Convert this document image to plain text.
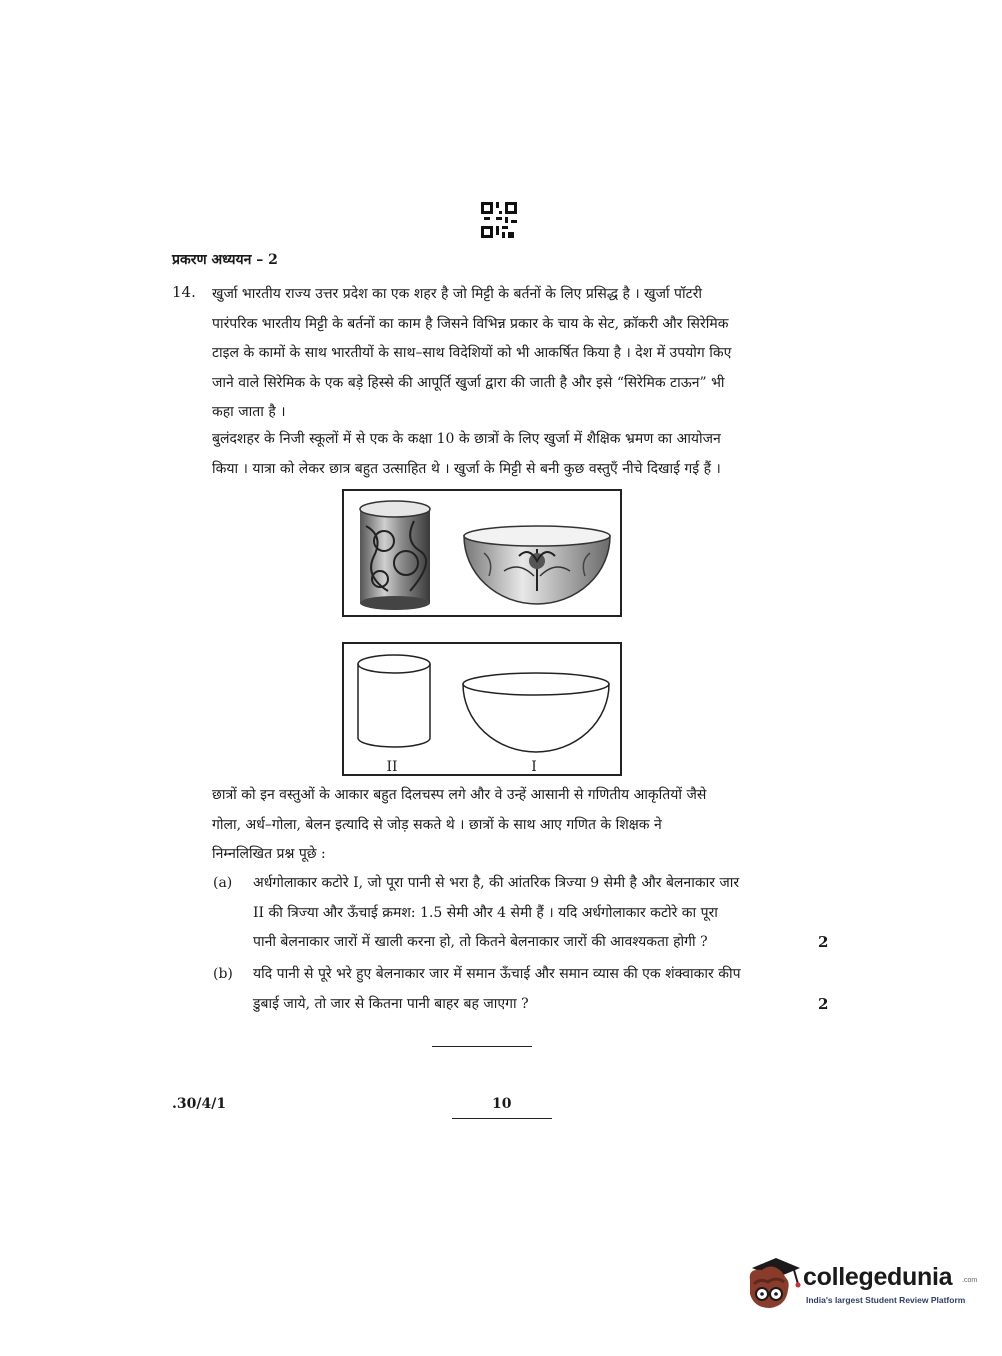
प्रकरण अध्ययन – 2
14. खुर्जा भारतीय राज्य उत्तर प्रदेश का एक शहर है जो मिट्टी के बर्तनों के लिए प्रसिद्ध है । खुर्जा पॉटरी
पारंपरिक भारतीय मिट्टी के बर्तनों का काम है जिसने विभिन्न प्रकार के चाय के सेट, क्रॉकरी और सिरेमिक
टाइल के कामों के साथ भारतीयों के साथ–साथ विदेशियों को भी आकर्षित किया है । देश में उपयोग किए
जाने वाले सिरेमिक के एक बड़े हिस्से की आपूर्ति खुर्जा द्वारा की जाती है और इसे “सिरेमिक टाऊन” भी
कहा जाता है ।
बुलंदशहर के निजी स्कूलों में से एक के कक्षा 10 के छात्रों के लिए खुर्जा में शैक्षिक भ्रमण का आयोजन
किया । यात्रा को लेकर छात्र बहुत उत्साहित थे । खुर्जा के मिट्टी से बनी कुछ वस्तुएँ नीचे दिखाई गई हैं ।
II	I
छात्रों को इन वस्तुओं के आकार बहुत दिलचस्प लगे और वे उन्हें आसानी से गणितीय आकृतियों जैसे
गोला, अर्ध–गोला, बेलन इत्यादि से जोड़ सकते थे । छात्रों के साथ आए गणित के शिक्षक ने
निम्नलिखित प्रश्न पूछे :
(a) अर्धगोलाकार कटोरे I, जो पूरा पानी से भरा है, की आंतरिक त्रिज्या 9 सेमी है और बेलनाकार जार
II की त्रिज्या और ऊँचाई क्रमश: 1.5 सेमी और 4 सेमी हैं । यदि अर्धगोलाकार कटोरे का पूरा
पानी बेलनाकार जारों में खाली करना हो, तो कितने बेलनाकार जारों की आवश्यकता होगी ?	2
(b) यदि पानी से पूरे भरे हुए बेलनाकार जार में समान ऊँचाई और समान व्यास की एक शंक्वाकार कीप
डुबाई जाये, तो जार से कितना पानी बाहर बह जाएगा ?	2
.30/4/1	10
collegedunia .com
India's largest Student Review Platform
